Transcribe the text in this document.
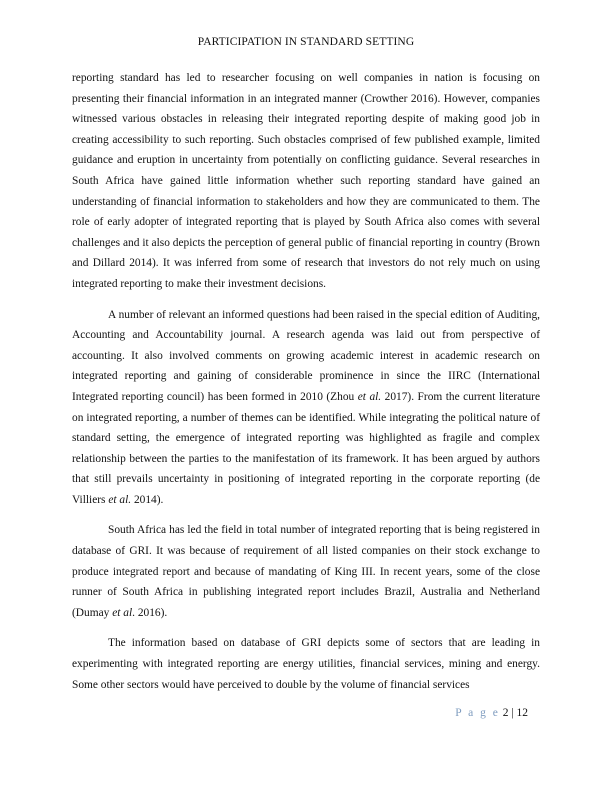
PARTICIPATION IN STANDARD SETTING

reporting standard has led to researcher focusing on well companies in nation is focusing on presenting their financial information in an integrated manner (Crowther 2016). However, companies witnessed various obstacles in releasing their integrated reporting despite of making good job in creating accessibility to such reporting. Such obstacles comprised of few published example, limited guidance and eruption in uncertainty from potentially on conflicting guidance. Several researches in South Africa have gained little information whether such reporting standard have gained an understanding of financial information to stakeholders and how they are communicated to them. The role of early adopter of integrated reporting that is played by South Africa also comes with several challenges and it also depicts the perception of general public of financial reporting in country (Brown and Dillard 2014). It was inferred from some of research that investors do not rely much on using integrated reporting to make their investment decisions.

A number of relevant an informed questions had been raised in the special edition of Auditing, Accounting and Accountability journal. A research agenda was laid out from perspective of accounting. It also involved comments on growing academic interest in academic research on integrated reporting and gaining of considerable prominence in since the IIRC (International Integrated reporting council) has been formed in 2010 (Zhou et al. 2017). From the current literature on integrated reporting, a number of themes can be identified. While integrating the political nature of standard setting, the emergence of integrated reporting was highlighted as fragile and complex relationship between the parties to the manifestation of its framework. It has been argued by authors that still prevails uncertainty in positioning of integrated reporting in the corporate reporting (de Villiers et al. 2014).

South Africa has led the field in total number of integrated reporting that is being registered in database of GRI. It was because of requirement of all listed companies on their stock exchange to produce integrated report and because of mandating of King III. In recent years, some of the close runner of South Africa in publishing integrated report includes Brazil, Australia and Netherland (Dumay et al. 2016).

The information based on database of GRI depicts some of sectors that are leading in experimenting with integrated reporting are energy utilities, financial services, mining and energy. Some other sectors would have perceived to double by the volume of financial services

P a g e 2 | 12
